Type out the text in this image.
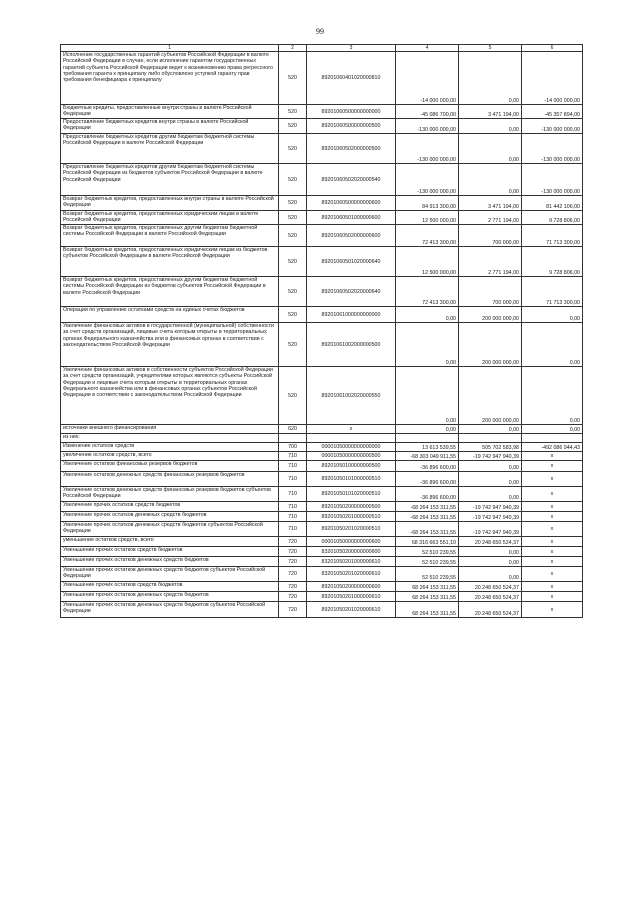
99
1	2	3	4	5	6
Исполнение государственных гарантий субъектов Российской Федерации в валюте Российской Федерации в случае, если исполнение гарантом государственных гарантий субъекта Российской Федерации ведет к возникновению права регрессного требования гаранта к принципалу либо обусловлено уступкой гаранту прав требования бенефициара к принципалу	520	89201060401020000810	-14 000 000,00	0,00	-14 000 000,00
Бюджетные кредиты, предоставленные внутри страны в валюте Российской Федерации	520	89201060500000000000	-45 086 700,00	3 471 194,00	-45 357 894,00
Предоставление бюджетных кредитов внутри страны в валюте Российской Федерации	520	89201060500000000500	-130 000 000,00	0,00	-130 000 000,00
Предоставление бюджетных кредитов другим бюджетам бюджетной системы Российской Федерации в валюте Российской Федерации	520	89201060502000000500	-130 000 000,00	0,00	-130 000 000,00
Предоставление бюджетных кредитов другим бюджетам бюджетной системы Российской Федерации из бюджетов субъектов Российской Федерации в валюте Российской Федерации	520	89201060502020000540	-130 000 000,00	0,00	-130 000 000,00
Возврат бюджетных кредитов, предоставленных внутри страны в валюте Российской Федерации	520	89201060500000000600	84 913 300,00	3 471 194,00	81 442 106,00
Возврат бюджетных кредитов, предоставленных юридическим лицам в валюте Российской Федерации	520	89201060501000000600	12 500 000,00	2 771 194,00	9 728 806,00
Возврат бюджетных кредитов, предоставленных другим бюджетам бюджетной системы Российской Федерации в валюте Российской Федерации	520	89201060502000000600	72 413 300,00	700 000,00	71 713 300,00
Возврат бюджетных кредитов, предоставленных юридическим лицам из бюджетов субъектов Российской Федерации в валюте Российской Федерации	520	89201060501020000640	12 500 000,00	2 771 194,00	9 728 806,00
Возврат бюджетных кредитов, предоставленных другим бюджетам бюджетной системы Российской Федерации из бюджетов субъектов Российской Федерации в валюте Российской Федерации	520	89201060502020000640	72 413 300,00	700 000,00	71 713 300,00
Операции по управлению остатками средств на единых счетах бюджетов	520	89201061000000000000	0,00	200 000 000,00	0,00
Увеличение финансовых активов в государственной (муниципальной) собственности за счет средств организаций, лицевые счета которым открыты в территориальных органах Федерального казначейства или в финансовых органах в соответствии с законодательством Российской Федерации	520	89201061002000000500	0,00	200 000 000,00	0,00
Увеличение финансовых активов в собственности субъектов Российской Федерации за счет средств организаций, учредителями которых являются субъекты Российской Федерации и лицевые счета которым открыты в территориальных органах Федерального казначейства или в финансовых органах субъектов Российской Федерации в соответствии с законодательством Российской Федерации	520	89201061002020000550	0,00	200 000 000,00	0,00
источники внешнего финансирования	620	x	0,00	0,00	0,00
из них:					
Изменение остатков средств	700	00001050000000000000	13 613 539,55	505 702 583,98	-492 086 944,43
увеличение остатков средств, всего	710	00001050000000000500	-68 303 049 911,55	-19 742 947 940,39	x
Увеличение остатков финансовых резервов бюджетов	710	89201050100000000500	-36 896 600,00	0,00	x
Увеличение остатков денежных средств финансовых резервов бюджетов	710	89201050101000000510	-36 896 600,00	0,00	x
Увеличение остатков денежных средств финансовых резервов бюджетов субъектов Российской Федерации	710	89201050101020000510	-36 896 600,00	0,00	x
Увеличение прочих остатков средств бюджетов	710	89201050200000000500	-68 264 153 311,55	-19 742 947 940,39	x
Увеличение прочих остатков денежных средств бюджетов	710	89201050201000000510	-68 264 153 311,55	-19 742 947 940,39	x
Увеличение прочих остатков денежных средств бюджетов субъектов Российской Федерации	710	89201050201020000510	-68 264 153 311,55	-19 742 947 940,39	x
уменьшение остатков средств, всего	720	00001050000000000600	68 316 663 551,10	20 248 650 524,37	x
Уменьшение прочих остатков средств бюджетов	720	83201050200000000600	52 510 239,55	0,00	x
Уменьшение прочих остатков денежных средств бюджетов	720	83201050201000000610	52 510 239,55	0,00	x
Уменьшение прочих остатков денежных средств бюджетов субъектов Российской Федерации	720	83201050201020000610	52 510 239,55	0,00	x
Уменьшение прочих остатков средств бюджетов	720	89201050200000000600	68 264 153 311,55	20 248 650 524,37	x
Уменьшение прочих остатков денежных средств бюджетов	720	89201050201000000610	68 264 153 311,55	20 248 650 524,37	x
Уменьшение прочих остатков денежных средств бюджетов субъектов Российской Федерации	720	89201050201020000610	68 264 153 311,55	20 248 650 524,37	x
